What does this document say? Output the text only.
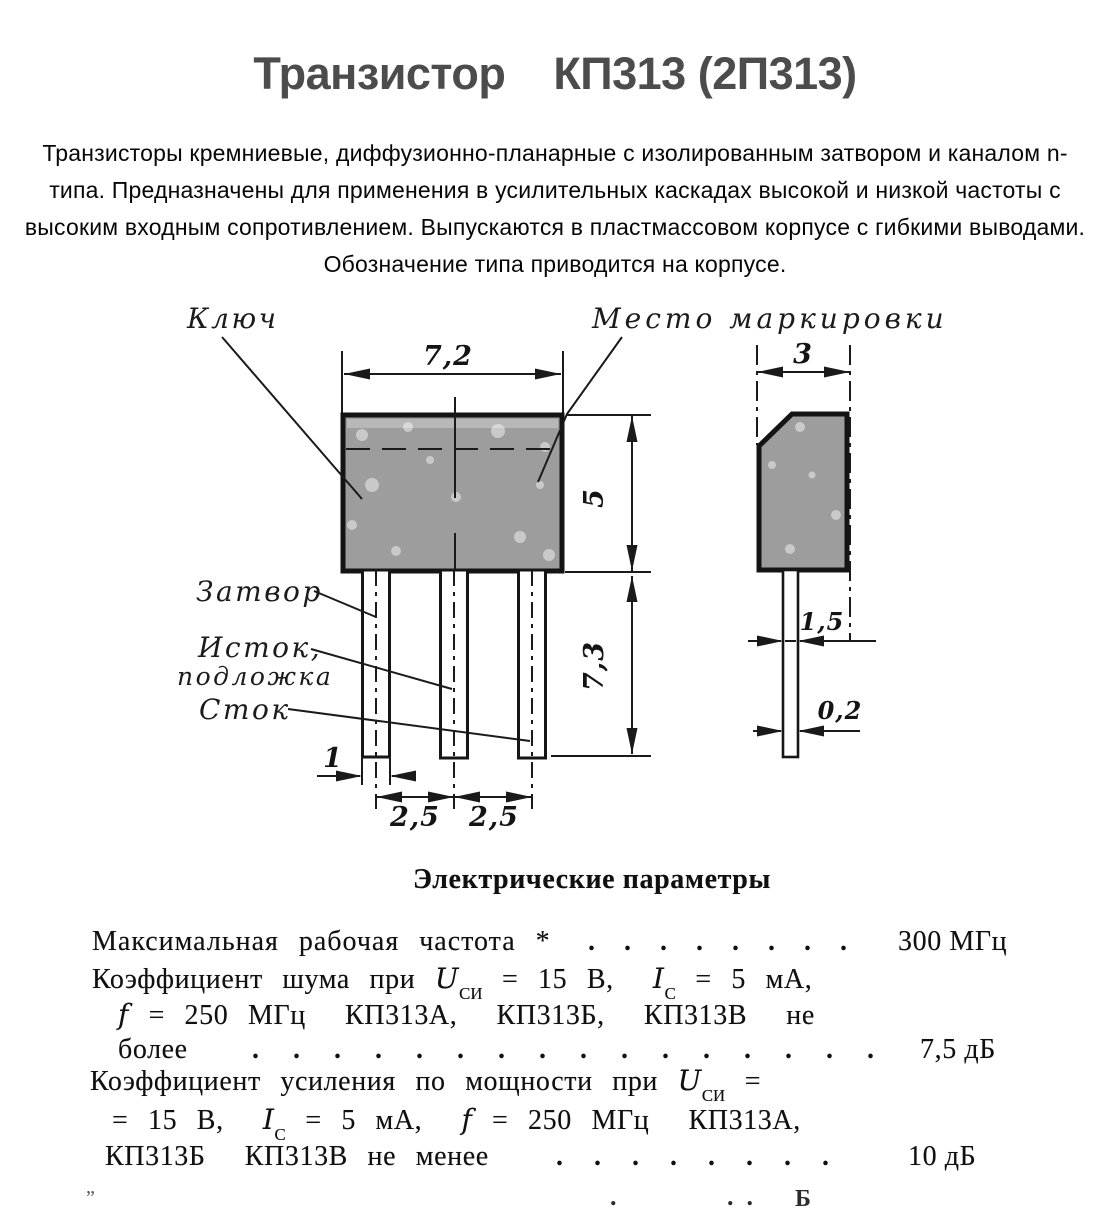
Транзистор    КП313 (2П313)
Транзисторы кремниевые, диффузионно-планарные с изолированным затвором и каналом n-
типа. Предназначены для применения в усилительных каскадах высокой и низкой частоты с
высоким входным сопротивлением. Выпускаются в пластмассовом корпусе с гибкими выводами.
Обозначение типа приводится на корпусе.
7,2
5
7,3
1
2,5 2,5
Ключ	Место маркировки
Затвор
Исток,
подложка
Сток
3
1,5
0,2
Электрические параметры
Максимальная рабочая частота * . . . . . . . . 300 МГц
Коэффициент шума при $U_{СИ} = 15$ В,  $I_С = 5$ мА,
f = 250 МГц  КП313А,  КП313Б,  КП313В  не
более . . . . . . . . . . . . . . . . 7,5 дБ
Коэффициент усиления по мощности при $U_{СИ}$ =
= 15 В,  $I_С = 5$ мА,  f = 250 МГц  КП313А,
КП313Б  КП313В не менее . . . . . . . .	10 дБ
„	.	.  . Б
